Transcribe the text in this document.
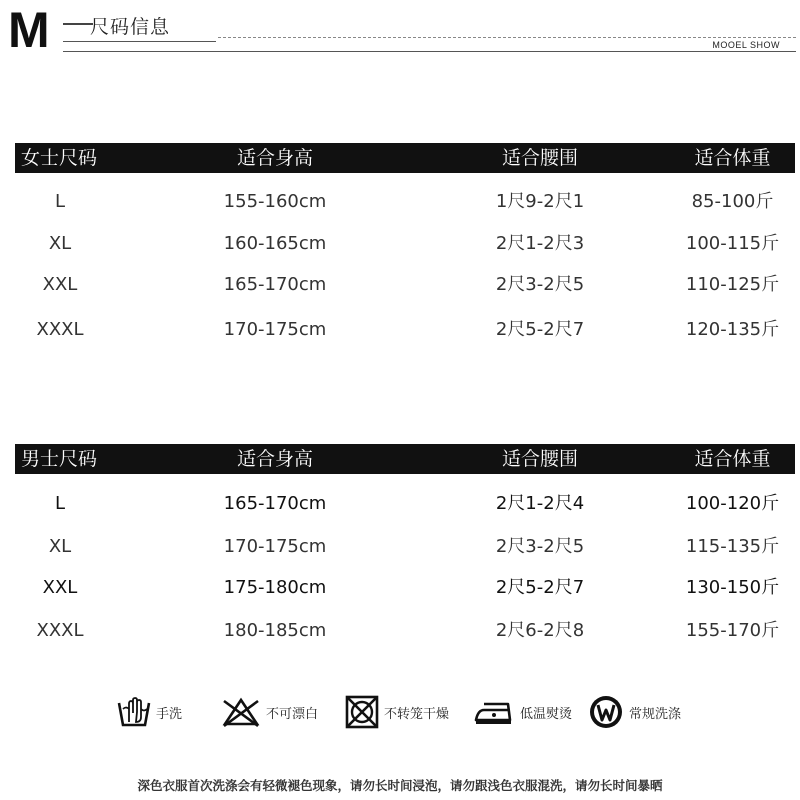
M 尺码信息
MOOEL SHOW
女士尺码	适合身高	适合腰围	适合体重
L	155-160cm	1尺9-2尺1	85-100斤
XL	160-165cm	2尺1-2尺3	100-115斤
XXL	165-170cm	2尺3-2尺5	110-125斤
XXXL	170-175cm	2尺5-2尺7	120-135斤
男士尺码	适合身高	适合腰围	适合体重
L	165-170cm	2尺1-2尺4	100-120斤
XL	170-175cm	2尺3-2尺5	115-135斤
XXL	175-180cm	2尺5-2尺7	130-150斤
XXXL	180-185cm	2尺6-2尺8	155-170斤
手洗	不可漂白	不转笼干燥	低温熨烫	常规洗涤
深色衣服首次洗涤会有轻微褪色现象，请勿长时间浸泡，请勿跟浅色衣服混洗，请勿长时间暴晒
